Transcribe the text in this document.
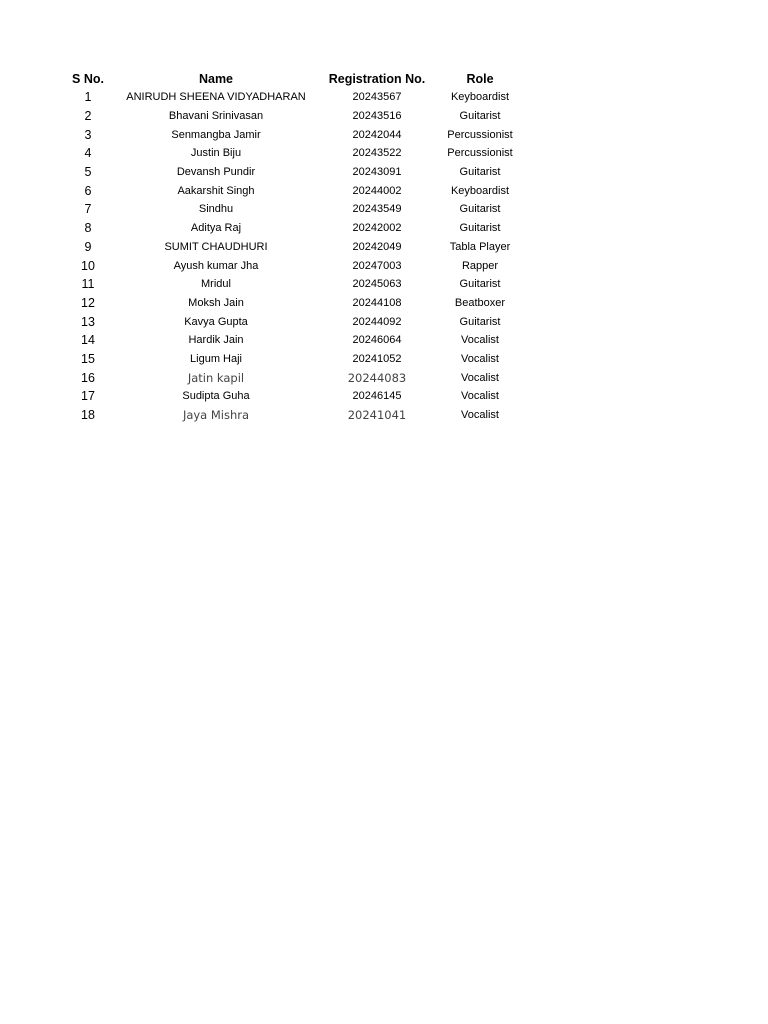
S No.	Name	Registration No.	Role
1	ANIRUDH SHEENA VIDYADHARAN	20243567	Keyboardist
2	Bhavani Srinivasan	20243516	Guitarist
3	Senmangba Jamir	20242044	Percussionist
4	Justin Biju	20243522	Percussionist
5	Devansh Pundir	20243091	Guitarist
6	Aakarshit Singh	20244002	Keyboardist
7	Sindhu	20243549	Guitarist
8	Aditya Raj	20242002	Guitarist
9	SUMIT CHAUDHURI	20242049	Tabla Player
10	Ayush kumar Jha	20247003	Rapper
11	Mridul	20245063	Guitarist
12	Moksh Jain	20244108	Beatboxer
13	Kavya Gupta	20244092	Guitarist
14	Hardik Jain	20246064	Vocalist
15	Ligum Haji	20241052	Vocalist
16	Jatin kapil	20244083	Vocalist
17	Sudipta Guha	20246145	Vocalist
18	Jaya Mishra	20241041	Vocalist
